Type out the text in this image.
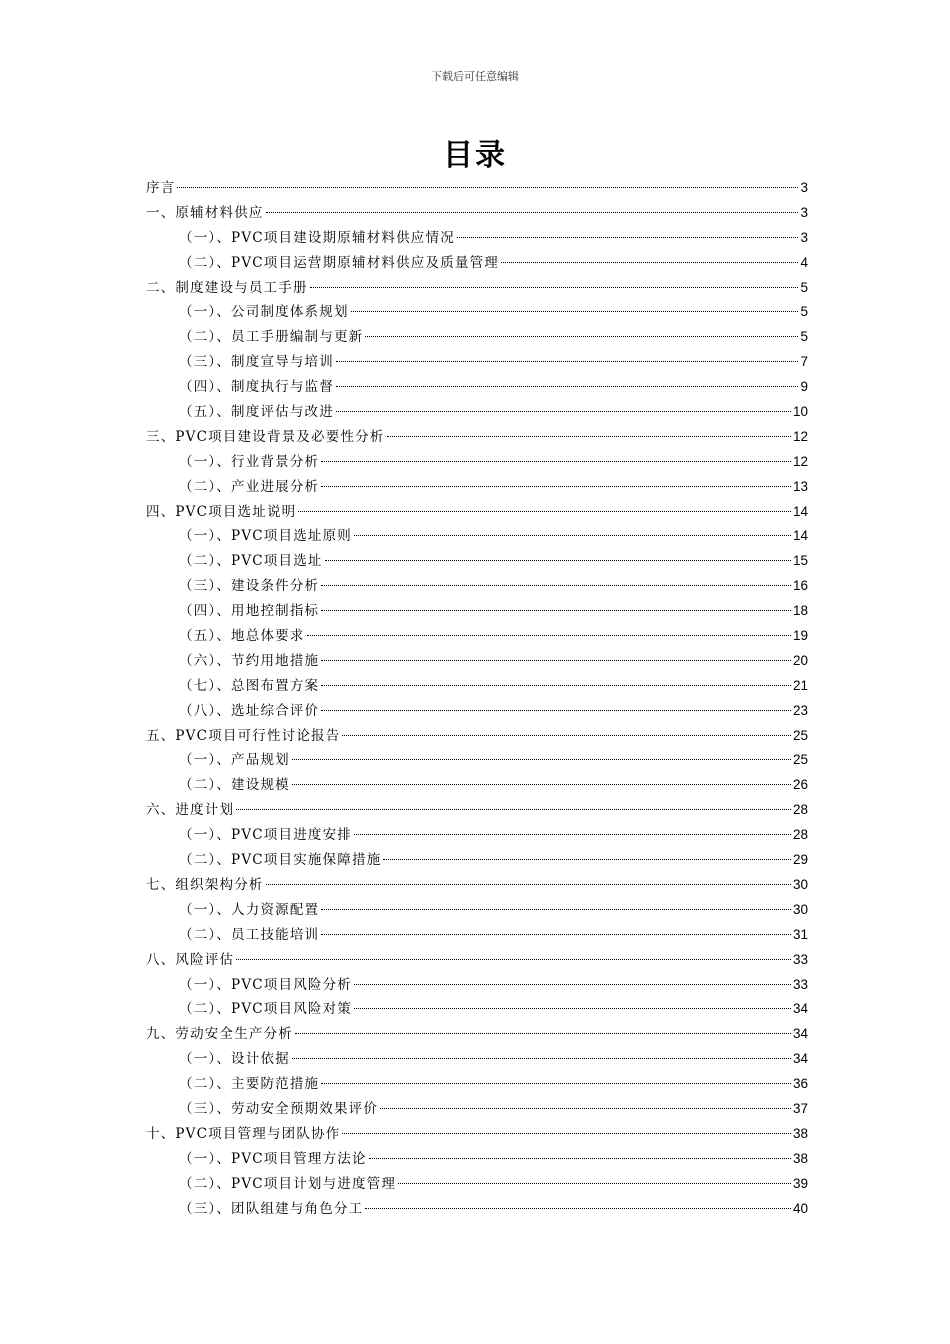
下载后可任意编辑
目录
序言	3
一、原辅材料供应	3
（一）、PVC项目建设期原辅材料供应情况	3
（二）、PVC项目运营期原辅材料供应及质量管理	4
二、制度建设与员工手册	5
（一）、公司制度体系规划	5
（二）、员工手册编制与更新	5
（三）、制度宣导与培训	7
（四）、制度执行与监督	9
（五）、制度评估与改进	10
三、PVC项目建设背景及必要性分析	12
（一）、行业背景分析	12
（二）、产业进展分析	13
四、PVC项目选址说明	14
（一）、PVC项目选址原则	14
（二）、PVC项目选址	15
（三）、建设条件分析	16
（四）、用地控制指标	18
（五）、地总体要求	19
（六）、节约用地措施	20
（七）、总图布置方案	21
（八）、选址综合评价	23
五、PVC项目可行性讨论报告	25
（一）、产品规划	25
（二）、建设规模	26
六、进度计划	28
（一）、PVC项目进度安排	28
（二）、PVC项目实施保障措施	29
七、组织架构分析	30
（一）、人力资源配置	30
（二）、员工技能培训	31
八、风险评估	33
（一）、PVC项目风险分析	33
（二）、PVC项目风险对策	34
九、劳动安全生产分析	34
（一）、设计依据	34
（二）、主要防范措施	36
（三）、劳动安全预期效果评价	37
十、PVC项目管理与团队协作	38
（一）、PVC项目管理方法论	38
（二）、PVC项目计划与进度管理	39
（三）、团队组建与角色分工	40
